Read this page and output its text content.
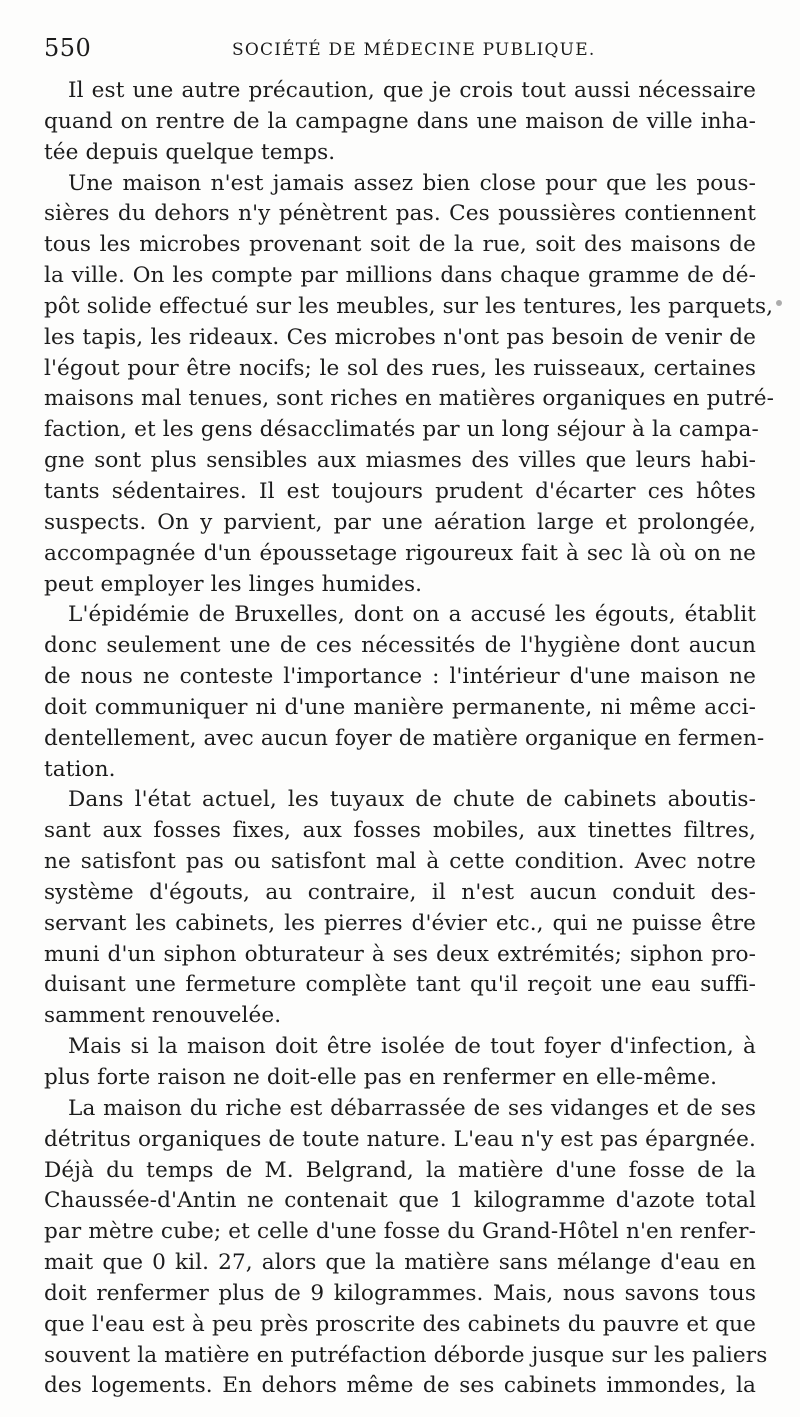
550	SOCIÉTÉ DE MÉDECINE PUBLIQUE.
Il est une autre précaution, que je crois tout aussi nécessaire
quand on rentre de la campagne dans une maison de ville inha-
tée depuis quelque temps.
Une maison n'est jamais assez bien close pour que les pous-
sières du dehors n'y pénètrent pas. Ces poussières contiennent
tous les microbes provenant soit de la rue, soit des maisons de
la ville. On les compte par millions dans chaque gramme de dé-
pôt solide effectué sur les meubles, sur les tentures, les parquets,
les tapis, les rideaux. Ces microbes n'ont pas besoin de venir de
l'égout pour être nocifs; le sol des rues, les ruisseaux, certaines
maisons mal tenues, sont riches en matières organiques en putré-
faction, et les gens désacclimatés par un long séjour à la campa-
gne sont plus sensibles aux miasmes des villes que leurs habi-
tants sédentaires. Il est toujours prudent d'écarter ces hôtes
suspects. On y parvient, par une aération large et prolongée,
accompagnée d'un époussetage rigoureux fait à sec là où on ne
peut employer les linges humides.
L'épidémie de Bruxelles, dont on a accusé les égouts, établit
donc seulement une de ces nécessités de l'hygiène dont aucun
de nous ne conteste l'importance : l'intérieur d'une maison ne
doit communiquer ni d'une manière permanente, ni même acci-
dentellement, avec aucun foyer de matière organique en fermen-
tation.
Dans l'état actuel, les tuyaux de chute de cabinets aboutis-
sant aux fosses fixes, aux fosses mobiles, aux tinettes filtres,
ne satisfont pas ou satisfont mal à cette condition. Avec notre
système d'égouts, au contraire, il n'est aucun conduit des-
servant les cabinets, les pierres d'évier etc., qui ne puisse être
muni d'un siphon obturateur à ses deux extrémités; siphon pro-
duisant une fermeture complète tant qu'il reçoit une eau suffi-
samment renouvelée.
Mais si la maison doit être isolée de tout foyer d'infection, à
plus forte raison ne doit-elle pas en renfermer en elle-même.
La maison du riche est débarrassée de ses vidanges et de ses
détritus organiques de toute nature. L'eau n'y est pas épargnée.
Déjà du temps de M. Belgrand, la matière d'une fosse de la
Chaussée-d'Antin ne contenait que 1 kilogramme d'azote total
par mètre cube; et celle d'une fosse du Grand-Hôtel n'en renfer-
mait que 0 kil. 27, alors que la matière sans mélange d'eau en
doit renfermer plus de 9 kilogrammes. Mais, nous savons tous
que l'eau est à peu près proscrite des cabinets du pauvre et que
souvent la matière en putréfaction déborde jusque sur les paliers
des logements. En dehors même de ses cabinets immondes, la
